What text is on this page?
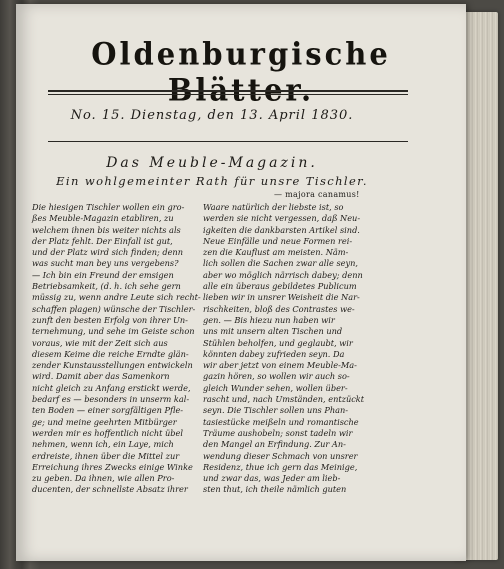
Oldenburgische Blätter.
No. 15. Dienstag, den 13. April 1830.
Das Meuble-Magazin.
Ein wohlgemeinter Rath für unsre Tischler.
— majora canamus!
Die hiesigen Tischler wollen ein gro-
ßes Meuble-Magazin etabliren, zu
welchem ihnen bis weiter nichts als
der Platz fehlt. Der Einfall ist gut,
und der Platz wird sich finden; denn
was sucht man bey uns vergebens?
— Ich bin ein Freund der emsigen
Betriebsamkeit, (d. h. ich sehe gern
müssig zu, wenn andre Leute sich recht-
schaffen plagen) wünsche der Tischler-
zunft den besten Erfolg von ihrer Un-
ternehmung, und sehe im Geiste schon
voraus, wie mit der Zeit sich aus
diesem Keime die reiche Erndte glän-
zender Kunstausstellungen entwickeln
wird. Damit aber das Samenkorn
nicht gleich zu Anfang erstickt werde,
bedarf es — besonders in unserm kal-
ten Boden — einer sorgfältigen Pfle-
ge; und meine geehrten Mitbürger
werden mir es hoffentlich nicht übel
nehmen, wenn ich, ein Laye, mich
erdreiste, ihnen über die Mittel zur
Erreichung ihres Zwecks einige Winke
zu geben. Da ihnen, wie allen Pro-
ducenten, der schnellste Absatz ihrer
Waare natürlich der liebste ist, so
werden sie nicht vergessen, daß Neu-
igkeiten die dankbarsten Artikel sind.
Neue Einfälle und neue Formen rei-
zen die Kauflust am meisten. Näm-
lich sollen die Sachen zwar alle seyn,
aber wo möglich närrisch dabey; denn
alle ein überaus gebildetes Publicum
lieben wir in unsrer Weisheit die Nar-
rischkeiten, bloß des Contrastes we-
gen. — Bis hiezu nun haben wir
uns mit unsern alten Tischen und
Stühlen beholfen, und geglaubt, wir
könnten dabey zufrieden seyn. Da
wir aber jetzt von einem Meuble-Ma-
gazin hören, so wollen wir auch so-
gleich Wunder sehen, wollen über-
rascht und, nach Umständen, entzückt
seyn. Die Tischler sollen uns Phan-
tasiestücke meißeln und romantische
Träume aushobeln; sonst tadeln wir
den Mangel an Erfindung. Zur An-
wendung dieser Schmach von unsrer
Residenz, thue ich gern das Meinige,
und zwar das, was Jeder am lieb-
sten thut, ich theile nämlich guten
